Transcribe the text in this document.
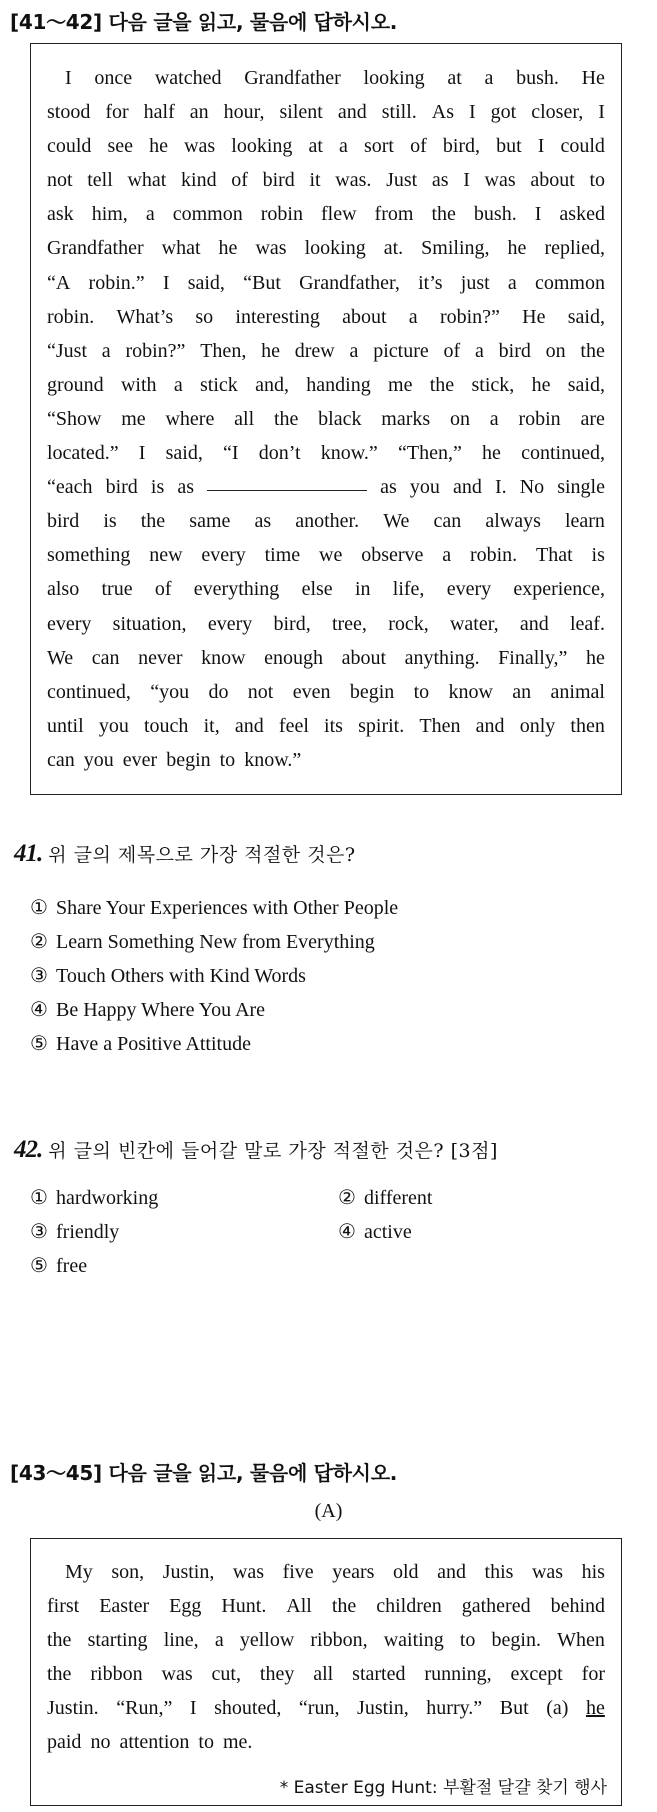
[41～42] 다음 글을 읽고, 물음에 답하시오.
I once watched Grandfather looking at a bush. He
stood for half an hour, silent and still. As I got closer, I
could see he was looking at a sort of bird, but I could
not tell what kind of bird it was. Just as I was about to
ask him, a common robin flew from the bush. I asked
Grandfather what he was looking at. Smiling, he replied,
“A robin.” I said, “But Grandfather, it’s just a common
robin. What’s so interesting about a robin?” He said,
“Just a robin?” Then, he drew a picture of a bird on the
ground with a stick and, handing me the stick, he said,
“Show me where all the black marks on a robin are
located.” I said, “I don’t know.” “Then,” he continued,
“each bird is as	as you and I. No single
bird is the same as another. We can always learn
something new every time we observe a robin. That is
also true of everything else in life, every experience,
every situation, every bird, tree, rock, water, and leaf.
We can never know enough about anything. Finally,” he
continued, “you do not even begin to know an animal
until you touch it, and feel its spirit. Then and only then
can you ever begin to know.”
41. 위 글의 제목으로 가장 적절한 것은?
① Share Your Experiences with Other People
② Learn Something New from Everything
③ Touch Others with Kind Words
④ Be Happy Where You Are
⑤ Have a Positive Attitude
42. 위 글의 빈칸에 들어갈 말로 가장 적절한 것은? [3점]
① hardworking	② different
③ friendly	④ active
⑤ free
[43～45] 다음 글을 읽고, 물음에 답하시오.
(A)
My son, Justin, was five years old and this was his
first Easter Egg Hunt. All the children gathered behind
the starting line, a yellow ribbon, waiting to begin. When
the ribbon was cut, they all started running, except for
Justin. “Run,” I shouted, “run, Justin, hurry.” But (a) he
paid no attention to me.
* Easter Egg Hunt: 부활절 달걀 찾기 행사
